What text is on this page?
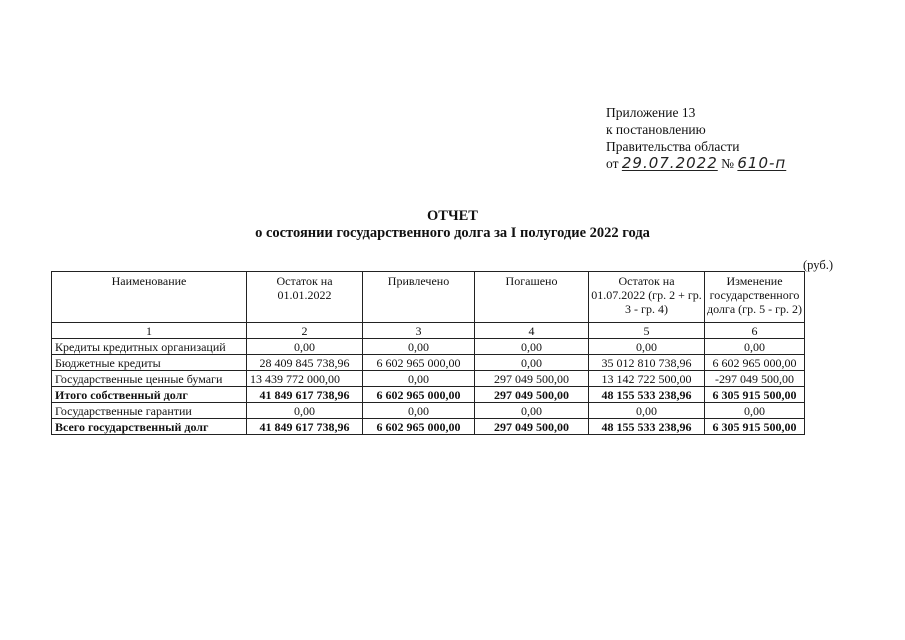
Приложение 13
к постановлению
Правительства области
от 29.07.2022 № 610-п
ОТЧЕТ
о состоянии государственного долга за I полугодие 2022 года
(руб.)
Наименование	Остаток на 01.01.2022	Привлечено	Погашено	Остаток на 01.07.2022 (гр. 2 + гр. 3 - гр. 4)	Изменение государственного долга (гр. 5 - гр. 2)
1	2	3	4	5	6
Кредиты кредитных организаций	0,00	0,00	0,00	0,00	0,00
Бюджетные кредиты	28 409 845 738,96	6 602 965 000,00	0,00	35 012 810 738,96	6 602 965 000,00
Государственные ценные бумаги	13 439 772 000,00	0,00	297 049 500,00	13 142 722 500,00	-297 049 500,00
Итого собственный долг	41 849 617 738,96	6 602 965 000,00	297 049 500,00	48 155 533 238,96	6 305 915 500,00
Государственные гарантии	0,00	0,00	0,00	0,00	0,00
Всего государственный долг	41 849 617 738,96	6 602 965 000,00	297 049 500,00	48 155 533 238,96	6 305 915 500,00
